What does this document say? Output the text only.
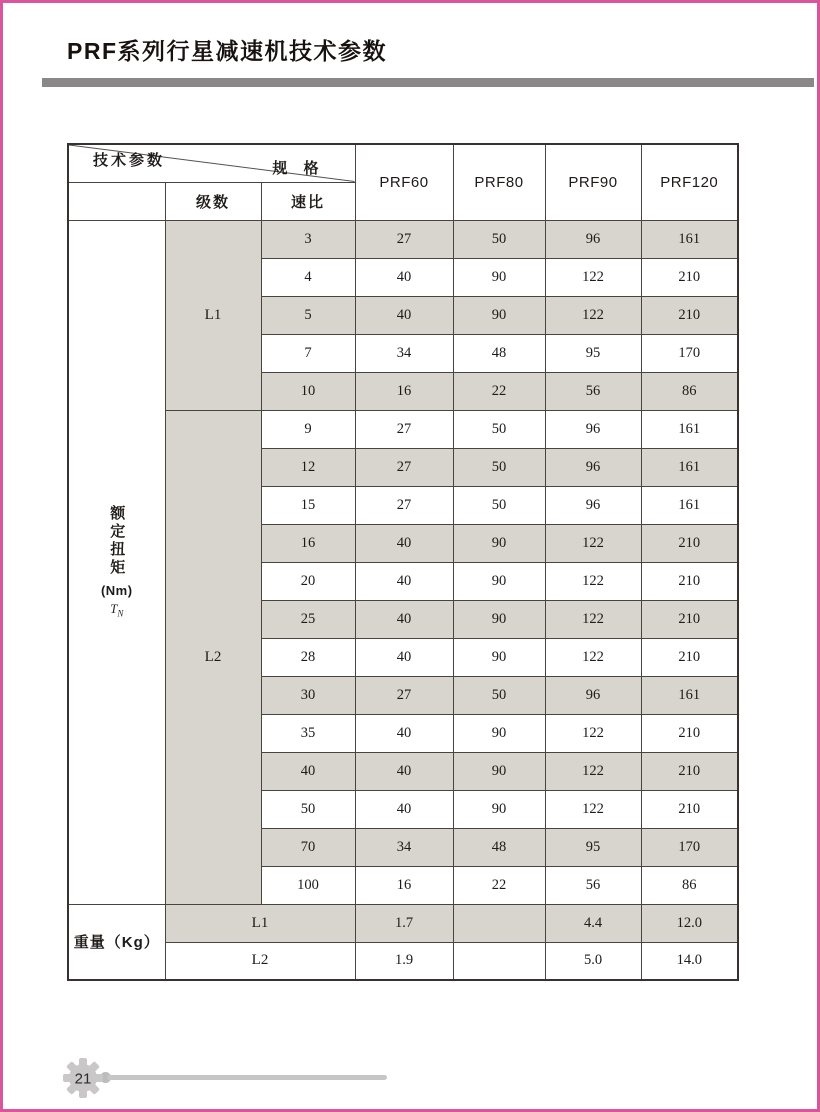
PRF系列行星减速机技术参数
规 格
技术参数			PRF60	PRF80	PRF90	PRF120
	级数	速比				

额定扭矩
(Nm)
$T_N$	L1	3	27	50	96	161
		4	40	90	122	210
		5	40	90	122	210
		7	34	48	95	170
		10	16	22	56	86
	L2	9	27	50	96	161
		12	27	50	96	161
		15	27	50	96	161
		16	40	90	122	210
		20	40	90	122	210
		25	40	90	122	210
		28	40	90	122	210
		30	27	50	96	161
		35	40	90	122	210
		40	40	90	122	210
		50	40	90	122	210
		70	34	48	95	170
		100	16	22	56	86
重量（Kg）	L1		1.7		4.4	12.0
	L2		1.9		5.0	14.0
21
